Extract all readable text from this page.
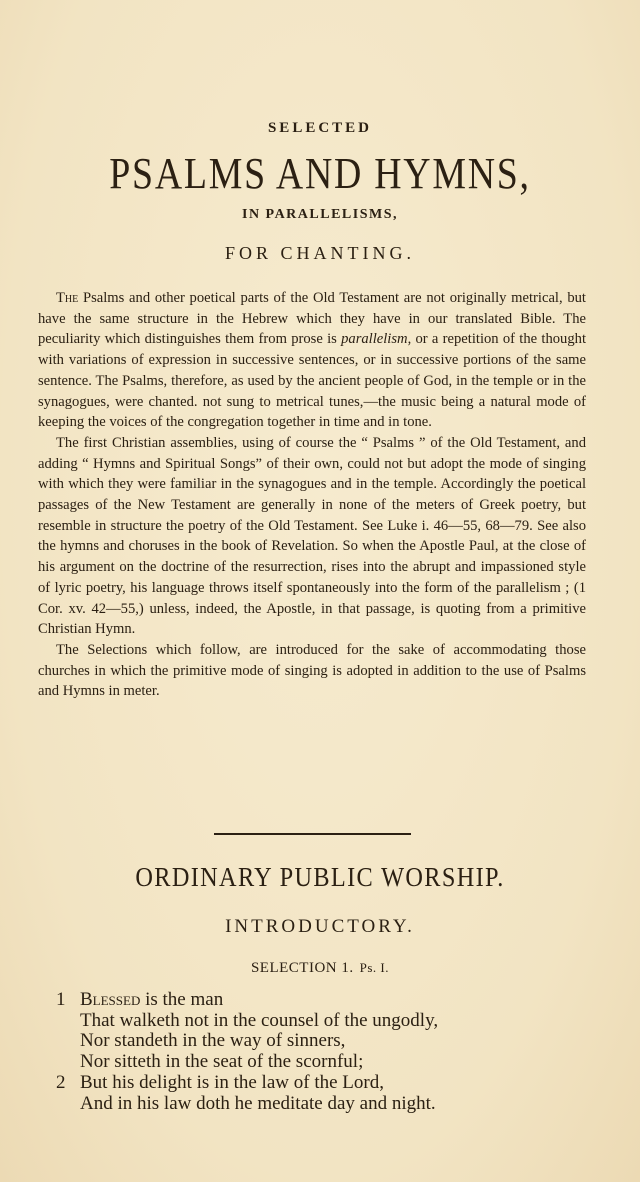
SELECTED
PSALMS AND HYMNS,
IN PARALLELISMS,
FOR CHANTING.

The Psalms and other poetical parts of the Old Testament are not originally metrical, but have the same structure in the Hebrew which they have in our translated Bible. The peculiarity which distinguishes them from prose is parallelism, or a repetition of the thought with variations of expression in successive sentences, or in successive portions of the same sentence. The Psalms, therefore, as used by the ancient people of God, in the temple or in the synagogues, were chanted. not sung to metrical tunes,—the music being a natural mode of keeping the voices of the congregation together in time and in tone.

The first Christian assemblies, using of course the “ Psalms ” of the Old Testament, and adding “ Hymns and Spiritual Songs” of their own, could not but adopt the mode of singing with which they were familiar in the synagogues and in the temple. Accordingly the poetical passages of the New Testament are generally in none of the meters of Greek poetry, but resemble in structure the poetry of the Old Testament. See Luke i. 46—55, 68—79. See also the hymns and choruses in the book of Revelation. So when the Apostle Paul, at the close of his argument on the doctrine of the resurrection, rises into the abrupt and impassioned style of lyric poetry, his language throws itself spontaneously into the form of the parallelism ; (1 Cor. xv. 42—55,) unless, indeed, the Apostle, in that passage, is quoting from a primitive Christian Hymn.

The Selections which follow, are introduced for the sake of accommodating those churches in which the primitive mode of singing is adopted in addition to the use of Psalms and Hymns in meter.

ORDINARY PUBLIC WORSHIP.
INTRODUCTORY.
SELECTION 1. Ps. I.
1 Blessed is the man
That walketh not in the counsel of the ungodly,
Nor standeth in the way of sinners,
Nor sitteth in the seat of the scornful;
2 But his delight is in the law of the Lord,
And in his law doth he meditate day and night.
